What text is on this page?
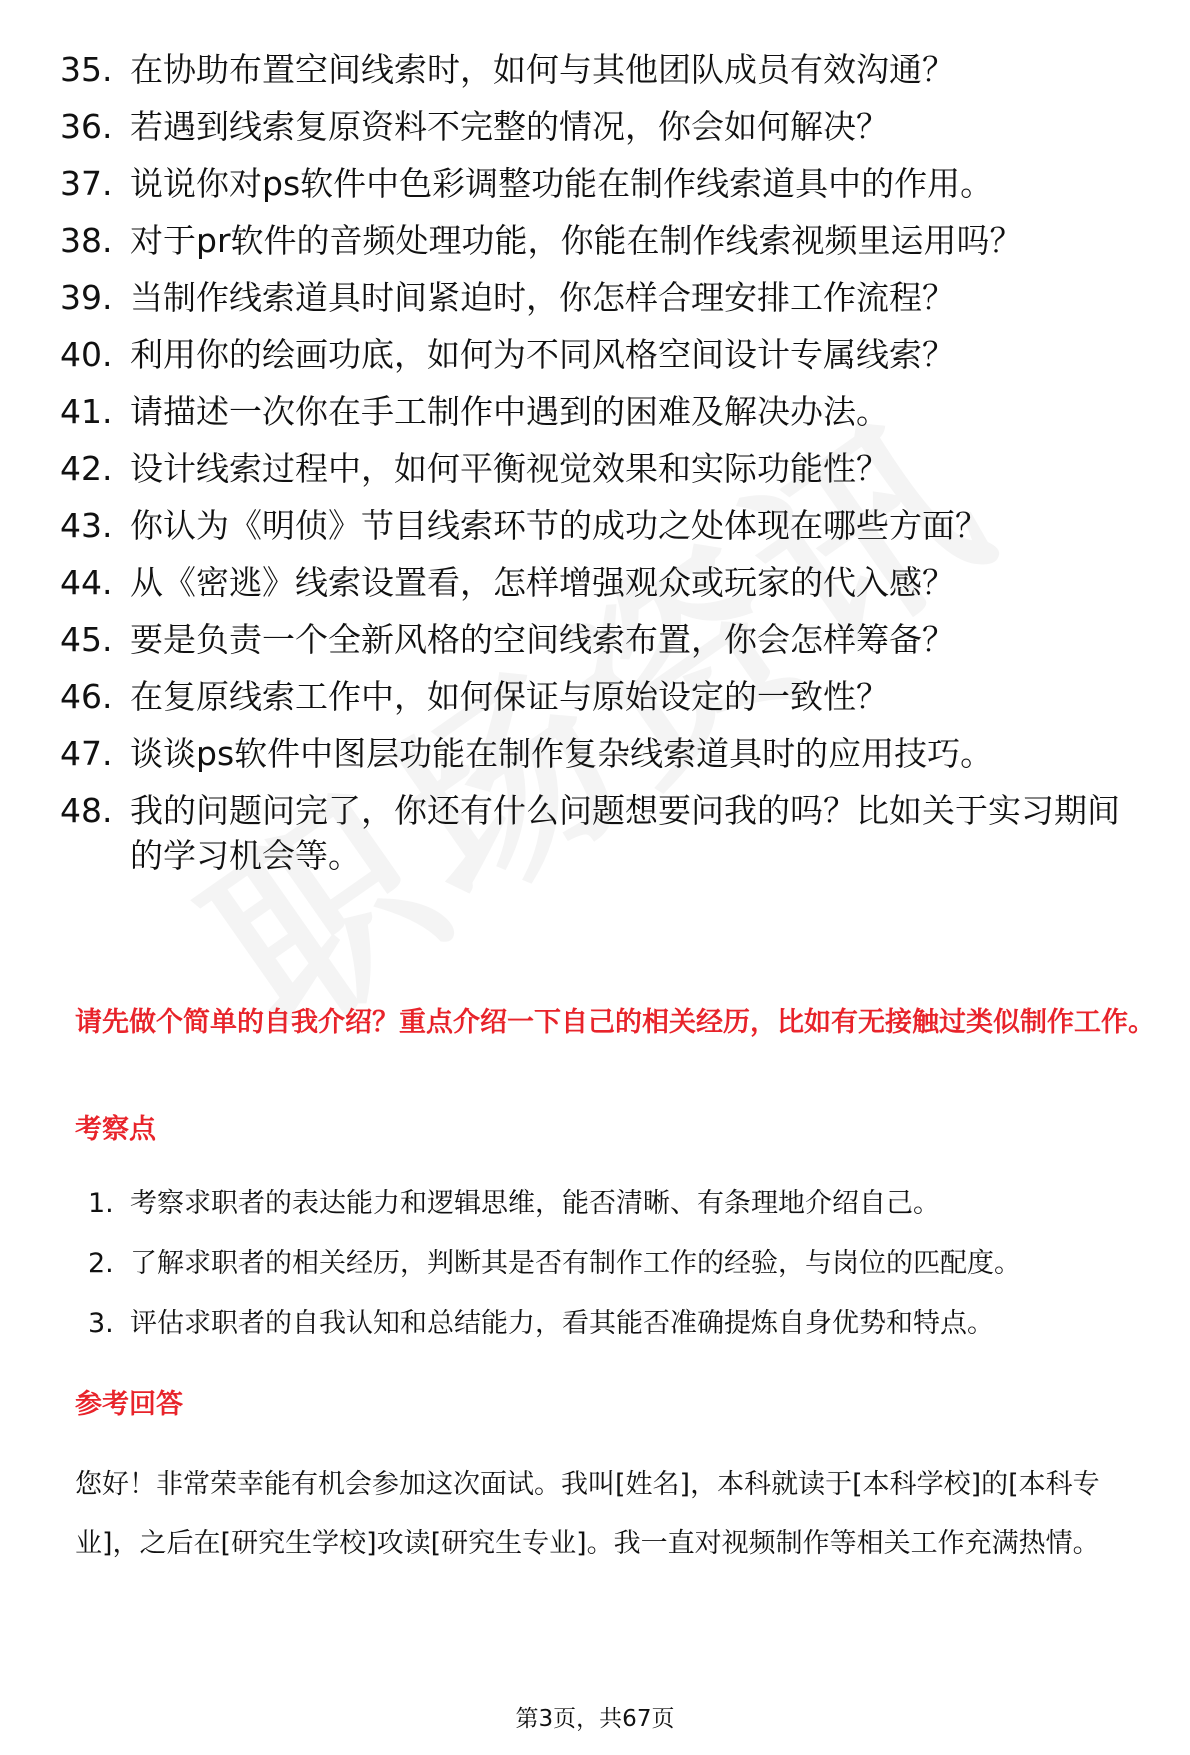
35. 在协助布置空间线索时，如何与其他团队成员有效沟通？
36. 若遇到线索复原资料不完整的情况，你会如何解决？
37. 说说你对ps软件中色彩调整功能在制作线索道具中的作用。
38. 对于pr软件的音频处理功能，你能在制作线索视频里运用吗？
39. 当制作线索道具时间紧迫时，你怎样合理安排工作流程？
40. 利用你的绘画功底，如何为不同风格空间设计专属线索？
41. 请描述一次你在手工制作中遇到的困难及解决办法。
42. 设计线索过程中，如何平衡视觉效果和实际功能性？
43. 你认为《明侦》节目线索环节的成功之处体现在哪些方面？
44. 从《密逃》线索设置看，怎样增强观众或玩家的代入感？
45. 要是负责一个全新风格的空间线索布置，你会怎样筹备？
46. 在复原线索工作中，如何保证与原始设定的一致性？
47. 谈谈ps软件中图层功能在制作复杂线索道具时的应用技巧。
48. 我的问题问完了，你还有什么问题想要问我的吗？比如关于实习期间的学习机会等。
请先做个简单的自我介绍？重点介绍一下自己的相关经历，比如有无接触过类似制作工作。
考察点
1. 考察求职者的表达能力和逻辑思维，能否清晰、有条理地介绍自己。
2. 了解求职者的相关经历，判断其是否有制作工作的经验，与岗位的匹配度。
3. 评估求职者的自我认知和总结能力，看其能否准确提炼自身优势和特点。
参考回答
您好！非常荣幸能有机会参加这次面试。我叫[姓名]，本科就读于[本科学校]的[本科专业]，之后在[研究生学校]攻读[研究生专业]。我一直对视频制作等相关工作充满热情。
第3页，共67页
